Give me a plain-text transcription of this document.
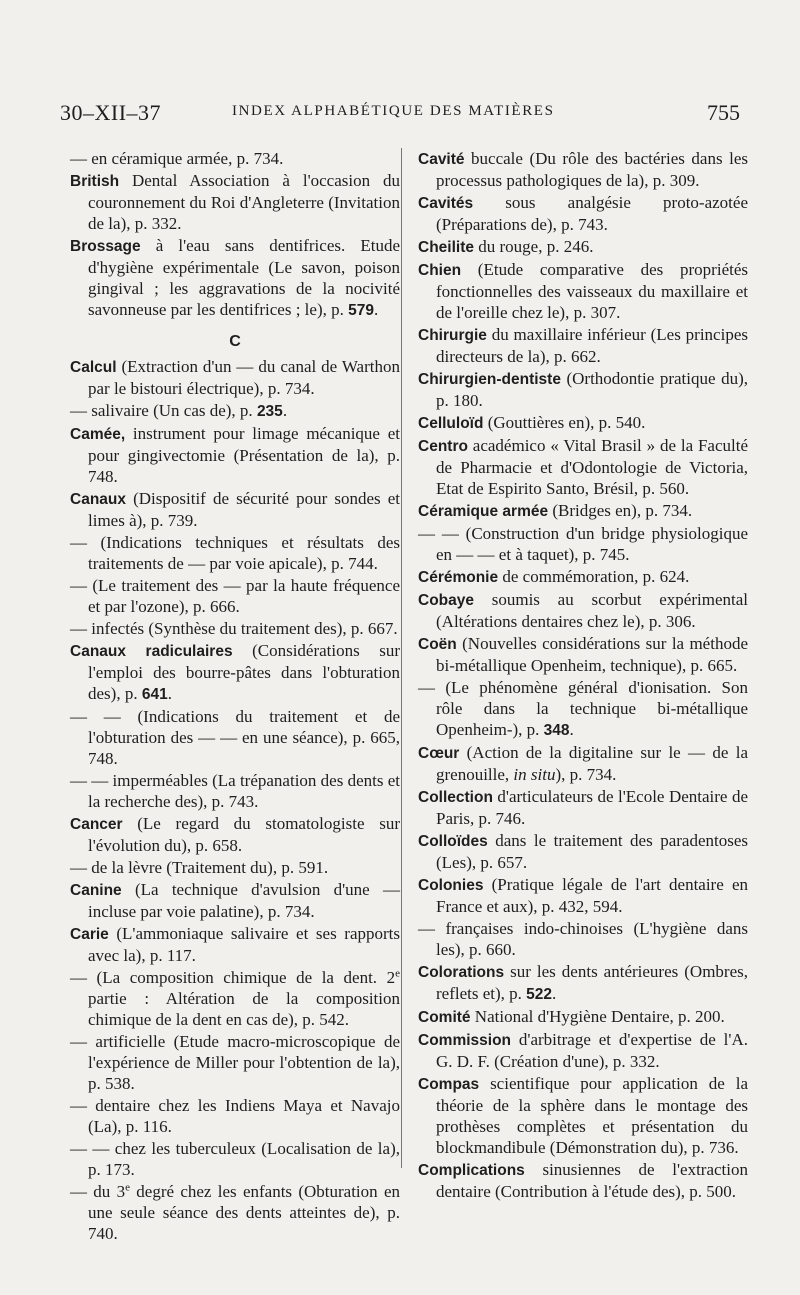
30–XII–37	INDEX ALPHABÉTIQUE DES MATIÈRES	755
— en céramique armée, p. 734.
British Dental Association à l'occasion du couronnement du Roi d'Angleterre (Invitation de la), p. 332.
Brossage à l'eau sans dentifrices. Etude d'hygiène expérimentale (Le savon, poison gingival ; les aggravations de la nocivité savonneuse par les dentifrices ; le), p. 579.
C
Calcul (Extraction d'un — du canal de Warthon par le bistouri électrique), p. 734.
— salivaire (Un cas de), p. 235.
Camée, instrument pour limage mécanique et pour gingivectomie (Présentation de la), p. 748.
Canaux (Dispositif de sécurité pour sondes et limes à), p. 739.
— (Indications techniques et résultats des traitements de — par voie apicale), p. 744.
— (Le traitement des — par la haute fréquence et par l'ozone), p. 666.
— infectés (Synthèse du traitement des), p. 667.
Canaux radiculaires (Considérations sur l'emploi des bourre-pâtes dans l'obturation des), p. 641.
— — (Indications du traitement et de l'obturation des — — en une séance), p. 665, 748.
— — imperméables (La trépanation des dents et la recherche des), p. 743.
Cancer (Le regard du stomatologiste sur l'évolution du), p. 658.
— de la lèvre (Traitement du), p. 591.
Canine (La technique d'avulsion d'une — incluse par voie palatine), p. 734.
Carie (L'ammoniaque salivaire et ses rapports avec la), p. 117.
— (La composition chimique de la dent. 2e partie : Altération de la composition chimique de la dent en cas de), p. 542.
— artificielle (Etude macro-microscopique de l'expérience de Miller pour l'obtention de la), p. 538.
— dentaire chez les Indiens Maya et Navajo (La), p. 116.
— — chez les tuberculeux (Localisation de la), p. 173.
— du 3e degré chez les enfants (Obturation en une seule séance des dents atteintes de), p. 740.
Cavité buccale (Du rôle des bactéries dans les processus pathologiques de la), p. 309.
Cavités sous analgésie proto-azotée (Préparations de), p. 743.
Cheilite du rouge, p. 246.
Chien (Etude comparative des propriétés fonctionnelles des vaisseaux du maxillaire et de l'oreille chez le), p. 307.
Chirurgie du maxillaire inférieur (Les principes directeurs de la), p. 662.
Chirurgien-dentiste (Orthodontie pratique du), p. 180.
Celluloïd (Gouttières en), p. 540.
Centro académico « Vital Brasil » de la Faculté de Pharmacie et d'Odontologie de Victoria, Etat de Espirito Santo, Brésil, p. 560.
Céramique armée (Bridges en), p. 734.
— — (Construction d'un bridge physiologique en — — et à taquet), p. 745.
Cérémonie de commémoration, p. 624.
Cobaye soumis au scorbut expérimental (Altérations dentaires chez le), p. 306.
Coën (Nouvelles considérations sur la méthode bi-métallique Openheim, technique), p. 665.
— (Le phénomène général d'ionisation. Son rôle dans la technique bi-métallique Openheim-), p. 348.
Cœur (Action de la digitaline sur le — de la grenouille, in situ), p. 734.
Collection d'articulateurs de l'Ecole Dentaire de Paris, p. 746.
Colloïdes dans le traitement des paradentoses (Les), p. 657.
Colonies (Pratique légale de l'art dentaire en France et aux), p. 432, 594.
— françaises indo-chinoises (L'hygiène dans les), p. 660.
Colorations sur les dents antérieures (Ombres, reflets et), p. 522.
Comité National d'Hygiène Dentaire, p. 200.
Commission d'arbitrage et d'expertise de l'A. G. D. F. (Création d'une), p. 332.
Compas scientifique pour application de la théorie de la sphère dans le montage des prothèses complètes et présentation du blockmandibule (Démonstration du), p. 736.
Complications sinusiennes de l'extraction dentaire (Contribution à l'étude des), p. 500.
